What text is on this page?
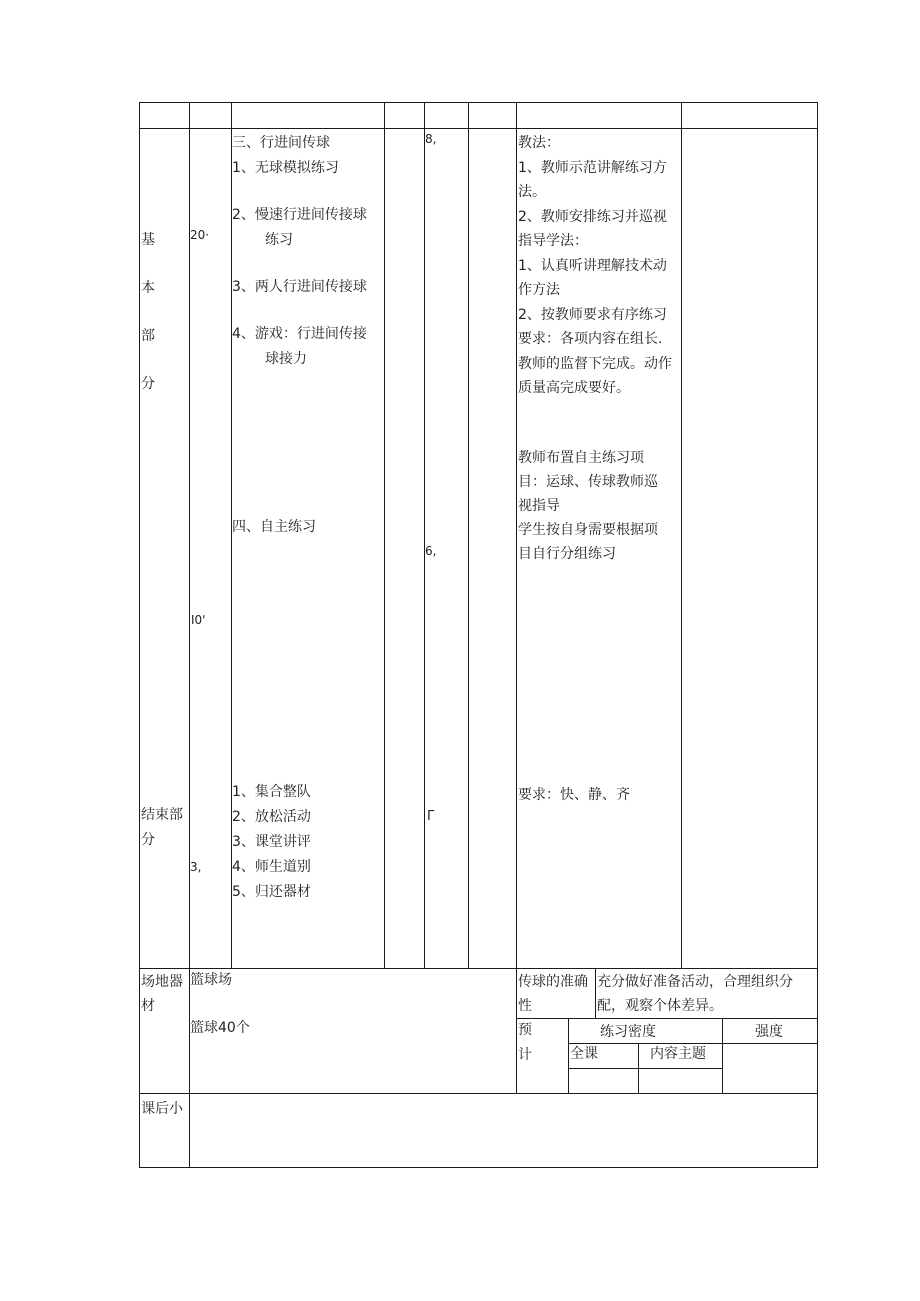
基
本
部
分
结束部
分
20·
I0'
3,
三、行进间传球
1、无球模拟练习
2、慢速行进间传接球
练习
3、两人行进间传接球
4、游戏：行进间传接
球接力
四、自主练习
1、集合整队
2、放松活动
3、课堂讲评
4、师生道别
5、归还器材
8,
6,
Γ
教法：
1、教师示范讲解练习方
法。
2、教师安排练习并巡视
指导学法：
1、认真听讲理解技术动
作方法
2、按教师要求有序练习
要求：各项内容在组长.
教师的监督下完成。动作
质量高完成要好。
教师布置自主练习项
目：运球、传球教师巡
视指导
学生按自身需要根据项
目自行分组练习
要求：快、静、齐
场地器
材
篮球场
篮球40个
传球的准确
性
充分做好准备活动，合理组织分
配，观察个体差异。
预
计
练习密度	强度
全课	内容主题
课后小
